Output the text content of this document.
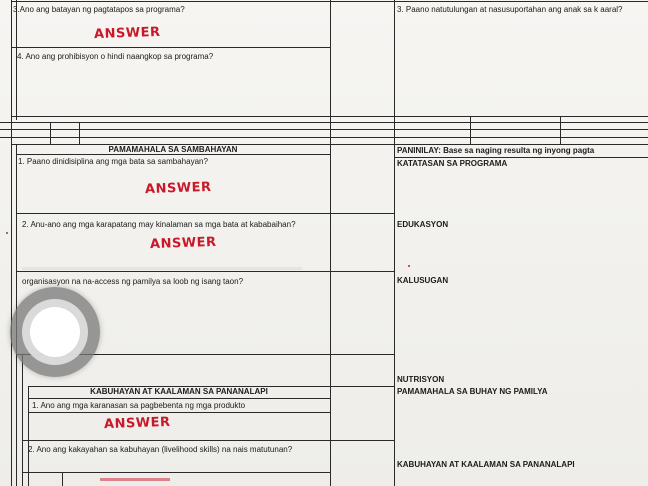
3.Ano ang batayan ng pagtatapos sa programa?
ANSWER
4. Ano ang prohibisyon o hindi naangkop sa programa?
3. Paano natutulungan at nasusuportahan ang anak sa k aaral?
PAMAMAHALA SA SAMBAHAYAN	PANINILAY: Base sa naging resulta ng inyong pagta
1. Paano dinidisiplina ang mga bata sa sambahayan?
ANSWER
2. Anu-ano ang mga karapatang may kinalaman sa mga bata at kababaihan?
ANSWER
organisasyon na na-access ng pamilya sa loob ng isang taon?
KATATASAN SA PROGRAMA
EDUKASYON
KALUSUGAN
NUTRISYON
PAMAMAHALA SA BUHAY NG PAMILYA
KABUHAYAN AT KAALAMAN SA PANANALAPI
KABUHAYAN AT KAALAMAN SA PANANALAPI
1. Ano ang mga karanasan sa pagbebenta ng mga produkto
ANSWER
2. Ano ang kakayahan sa kabuhayan (livelihood skills) na nais matutunan?
